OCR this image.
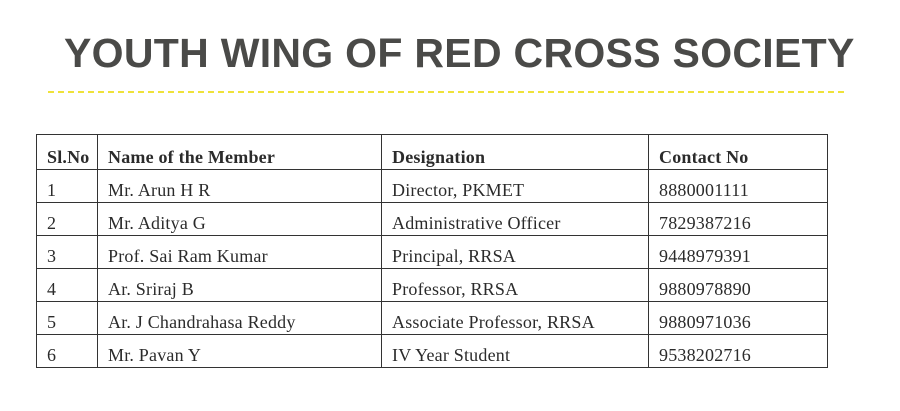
YOUTH WING OF RED CROSS SOCIETY
Sl.No	Name of the Member	Designation	Contact No
1	Mr. Arun H R	Director, PKMET	8880001111
2	Mr. Aditya G	Administrative Officer	7829387216
3	Prof. Sai Ram Kumar	Principal, RRSA	9448979391
4	Ar. Sriraj B	Professor, RRSA	9880978890
5	Ar. J Chandrahasa Reddy	Associate Professor, RRSA	9880971036
6	Mr. Pavan Y	IV Year Student	9538202716
